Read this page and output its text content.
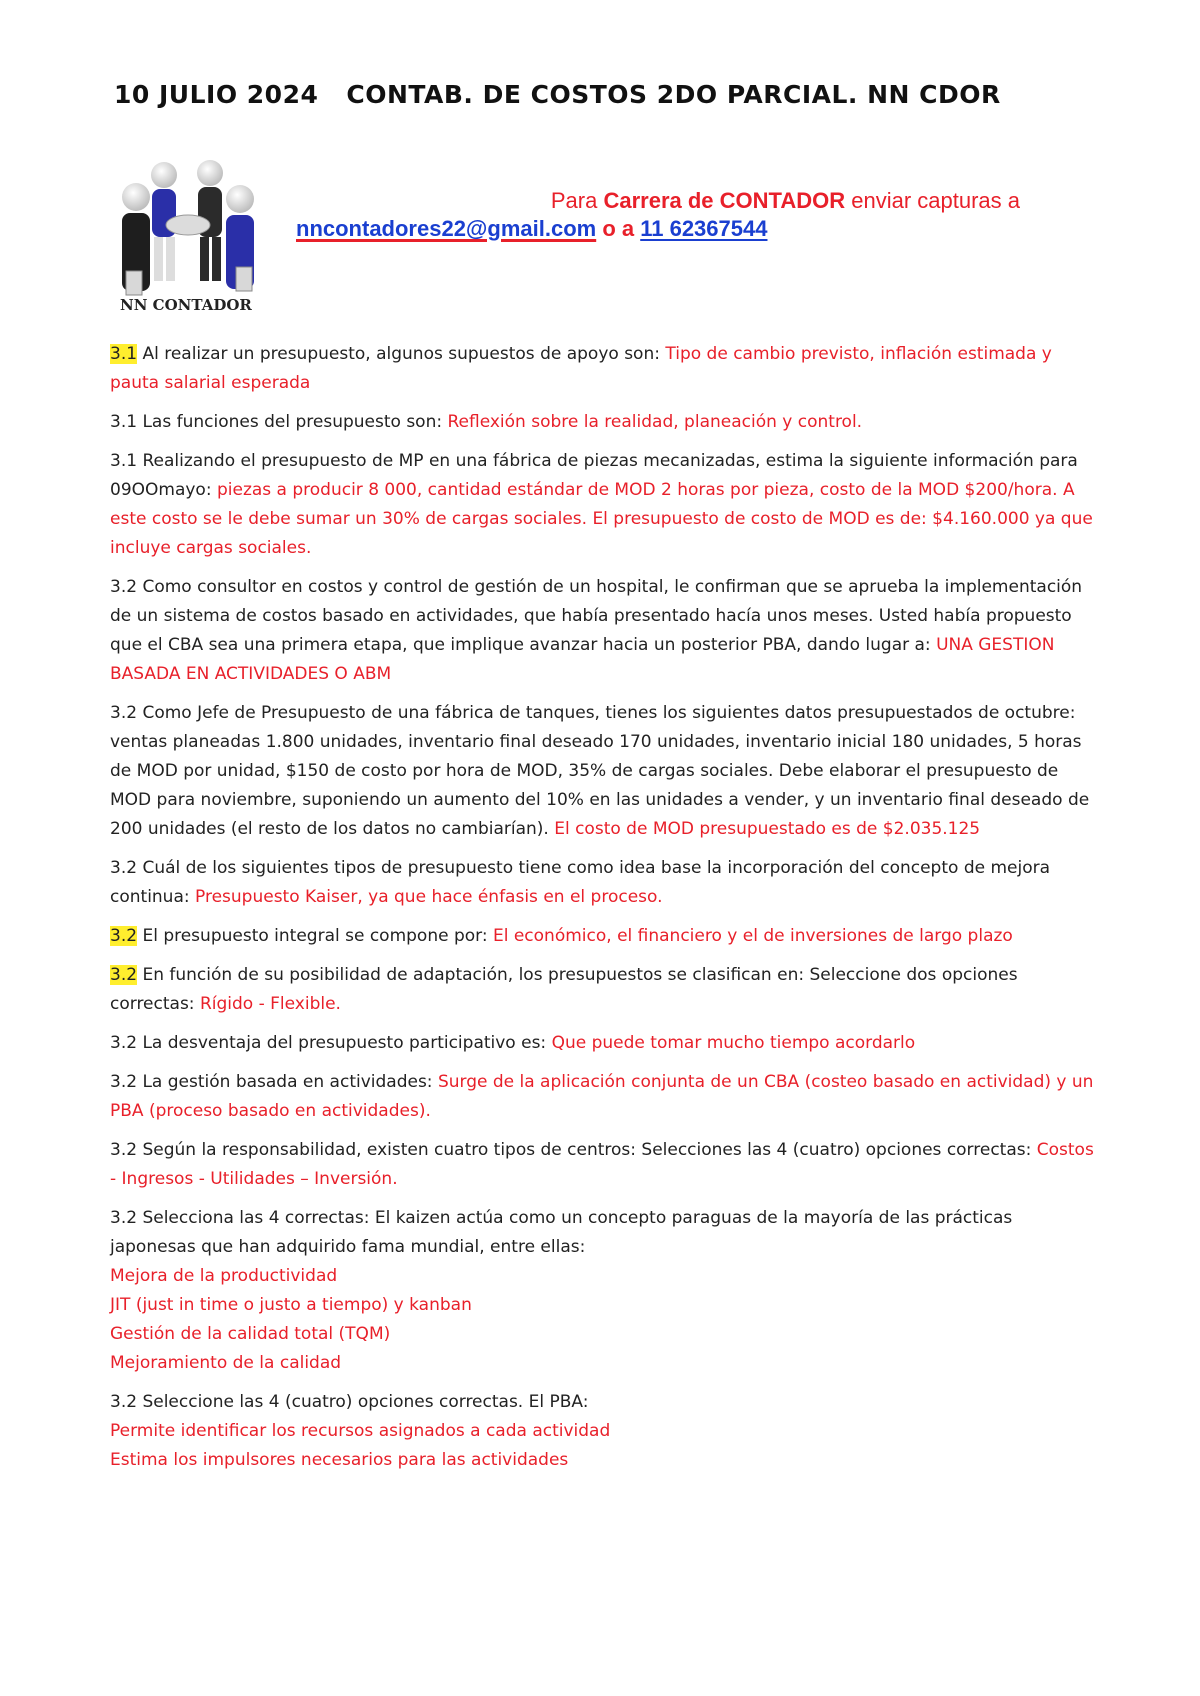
10 JULIO 2024 CONTAB. DE COSTOS 2DO PARCIAL. NN CDOR
NN CONTADOR
Para Carrera de CONTADOR enviar capturas a
nncontadores22@gmail.com o a 11 62367544

3.1 Al realizar un presupuesto, algunos supuestos de apoyo son: Tipo de cambio previsto, inflación estimada y pauta salarial esperada

3.1 Las funciones del presupuesto son: Reflexión sobre la realidad, planeación y control.

3.1 Realizando el presupuesto de MP en una fábrica de piezas mecanizadas, estima la siguiente información para 09OOmayo: piezas a producir 8 000, cantidad estándar de MOD 2 horas por pieza, costo de la MOD $200/hora. A este costo se le debe sumar un 30% de cargas sociales. El presupuesto de costo de MOD es de: $4.160.000 ya que incluye cargas sociales.

3.2 Como consultor en costos y control de gestión de un hospital, le confirman que se aprueba la implementación de un sistema de costos basado en actividades, que había presentado hacía unos meses. Usted había propuesto que el CBA sea una primera etapa, que implique avanzar hacia un posterior PBA, dando lugar a: UNA GESTION BASADA EN ACTIVIDADES O ABM

3.2 Como Jefe de Presupuesto de una fábrica de tanques, tienes los siguientes datos presupuestados de octubre: ventas planeadas 1.800 unidades, inventario final deseado 170 unidades, inventario inicial 180 unidades, 5 horas de MOD por unidad, $150 de costo por hora de MOD, 35% de cargas sociales. Debe elaborar el presupuesto de MOD para noviembre, suponiendo un aumento del 10% en las unidades a vender, y un inventario final deseado de 200 unidades (el resto de los datos no cambiarían). El costo de MOD presupuestado es de $2.035.125

3.2 Cuál de los siguientes tipos de presupuesto tiene como idea base la incorporación del concepto de mejora continua: Presupuesto Kaiser, ya que hace énfasis en el proceso.

3.2 El presupuesto integral se compone por: El económico, el financiero y el de inversiones de largo plazo

3.2 En función de su posibilidad de adaptación, los presupuestos se clasifican en: Seleccione dos opciones correctas: Rígido - Flexible.

3.2 La desventaja del presupuesto participativo es: Que puede tomar mucho tiempo acordarlo

3.2 La gestión basada en actividades: Surge de la aplicación conjunta de un CBA (costeo basado en actividad) y un PBA (proceso basado en actividades).

3.2 Según la responsabilidad, existen cuatro tipos de centros: Selecciones las 4 (cuatro) opciones correctas: Costos - Ingresos - Utilidades – Inversión.

3.2 Selecciona las 4 correctas: El kaizen actúa como un concepto paraguas de la mayoría de las prácticas japonesas que han adquirido fama mundial, entre ellas:
Mejora de la productividad
JIT (just in time o justo a tiempo) y kanban
Gestión de la calidad total (TQM)
Mejoramiento de la calidad

3.2 Seleccione las 4 (cuatro) opciones correctas. El PBA:
Permite identificar los recursos asignados a cada actividad
Estima los impulsores necesarios para las actividades
